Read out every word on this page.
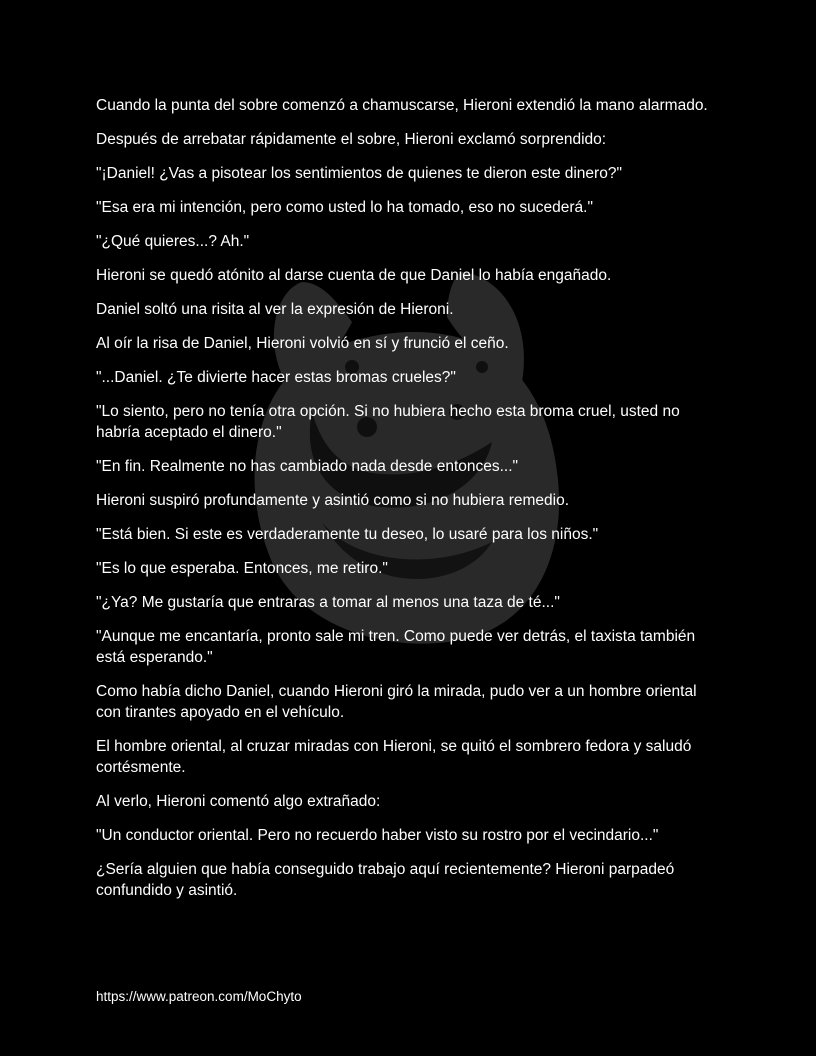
Cuando la punta del sobre comenzó a chamuscarse, Hieroni extendió la mano alarmado.

Después de arrebatar rápidamente el sobre, Hieroni exclamó sorprendido:

"¡Daniel! ¿Vas a pisotear los sentimientos de quienes te dieron este dinero?"

"Esa era mi intención, pero como usted lo ha tomado, eso no sucederá."

"¿Qué quieres...? Ah."

Hieroni se quedó atónito al darse cuenta de que Daniel lo había engañado.

Daniel soltó una risita al ver la expresión de Hieroni.

Al oír la risa de Daniel, Hieroni volvió en sí y frunció el ceño.

"...Daniel. ¿Te divierte hacer estas bromas crueles?"

"Lo siento, pero no tenía otra opción. Si no hubiera hecho esta broma cruel, usted no habría aceptado el dinero."

"En fin. Realmente no has cambiado nada desde entonces..."

Hieroni suspiró profundamente y asintió como si no hubiera remedio.

"Está bien. Si este es verdaderamente tu deseo, lo usaré para los niños."

"Es lo que esperaba. Entonces, me retiro."

"¿Ya? Me gustaría que entraras a tomar al menos una taza de té..."

"Aunque me encantaría, pronto sale mi tren. Como puede ver detrás, el taxista también está esperando."

Como había dicho Daniel, cuando Hieroni giró la mirada, pudo ver a un hombre oriental con tirantes apoyado en el vehículo.

El hombre oriental, al cruzar miradas con Hieroni, se quitó el sombrero fedora y saludó cortésmente.

Al verlo, Hieroni comentó algo extrañado:

"Un conductor oriental. Pero no recuerdo haber visto su rostro por el vecindario..."

¿Sería alguien que había conseguido trabajo aquí recientemente? Hieroni parpadeó confundido y asintió.

https://www.patreon.com/MoChyto
